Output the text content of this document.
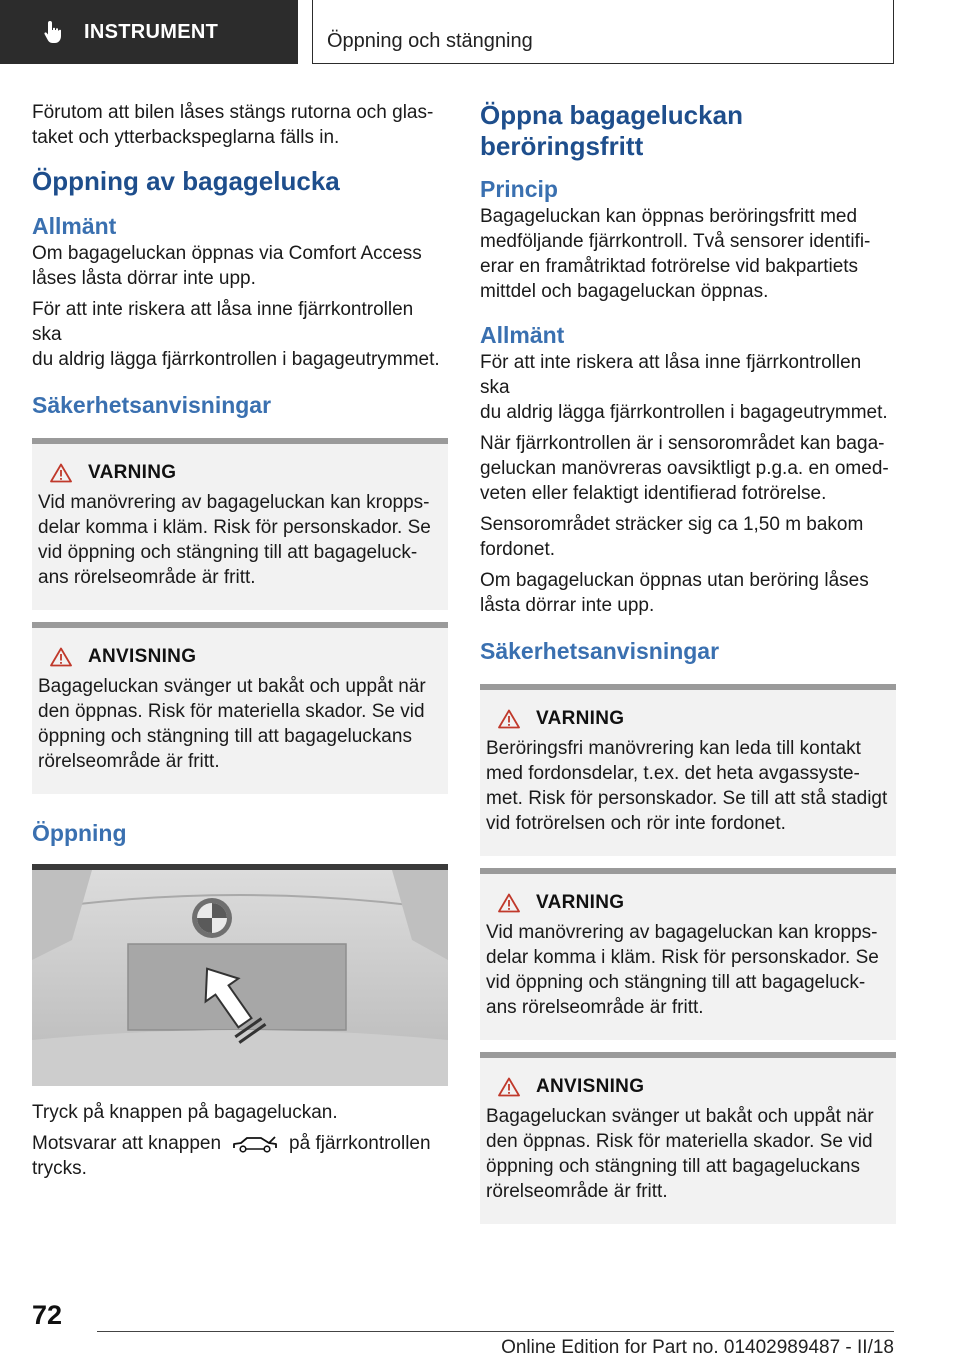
INSTRUMENT	Öppning och stängning

Förutom att bilen låses stängs rutorna och glas-
taket och ytterbackspeglarna fälls in.

Öppning av bagagelucka
Allmänt

Om bagageluckan öppnas via Comfort Access
låses låsta dörrar inte upp.

För att inte riskera att låsa inne fjärrkontrollen ska
du aldrig lägga fjärrkontrollen i bagageutrymmet.

Säkerhetsanvisningar
VARNING

Vid manövrering av bagageluckan kan kropps-
delar komma i kläm. Risk för personskador. Se
vid öppning och stängning till att bagageluck-
ans rörelseområde är fritt.

ANVISNING

Bagageluckan svänger ut bakåt och uppåt när
den öppnas. Risk för materiella skador. Se vid
öppning och stängning till att bagageluckans
rörelseområde är fritt.

Öppning

Tryck på knappen på bagageluckan.

Motsvarar att knappen	på fjärrkontrollen
trycks.

Öppna bagageluckan
beröringsfritt
Princip

Bagageluckan kan öppnas beröringsfritt med
medföljande fjärrkontroll. Två sensorer identifi-
erar en framåtriktad fotrörelse vid bakpartiets
mittdel och bagageluckan öppnas.

Allmänt

För att inte riskera att låsa inne fjärrkontrollen ska
du aldrig lägga fjärrkontrollen i bagageutrymmet.

När fjärrkontrollen är i sensorområdet kan baga-
geluckan manövreras oavsiktligt p.g.a. en omed-
veten eller felaktigt identifierad fotrörelse.

Sensorområdet sträcker sig ca 1,50 m bakom
fordonet.

Om bagageluckan öppnas utan beröring låses
låsta dörrar inte upp.

Säkerhetsanvisningar
VARNING

Beröringsfri manövrering kan leda till kontakt
med fordonsdelar, t.ex. det heta avgassyste-
met. Risk för personskador. Se till att stå stadigt
vid fotrörelsen och rör inte fordonet.

VARNING

Vid manövrering av bagageluckan kan kropps-
delar komma i kläm. Risk för personskador. Se
vid öppning och stängning till att bagageluck-
ans rörelseområde är fritt.

ANVISNING

Bagageluckan svänger ut bakåt och uppåt när
den öppnas. Risk för materiella skador. Se vid
öppning och stängning till att bagageluckans
rörelseområde är fritt.

72
Online Edition for Part no. 01402989487 - II/18
